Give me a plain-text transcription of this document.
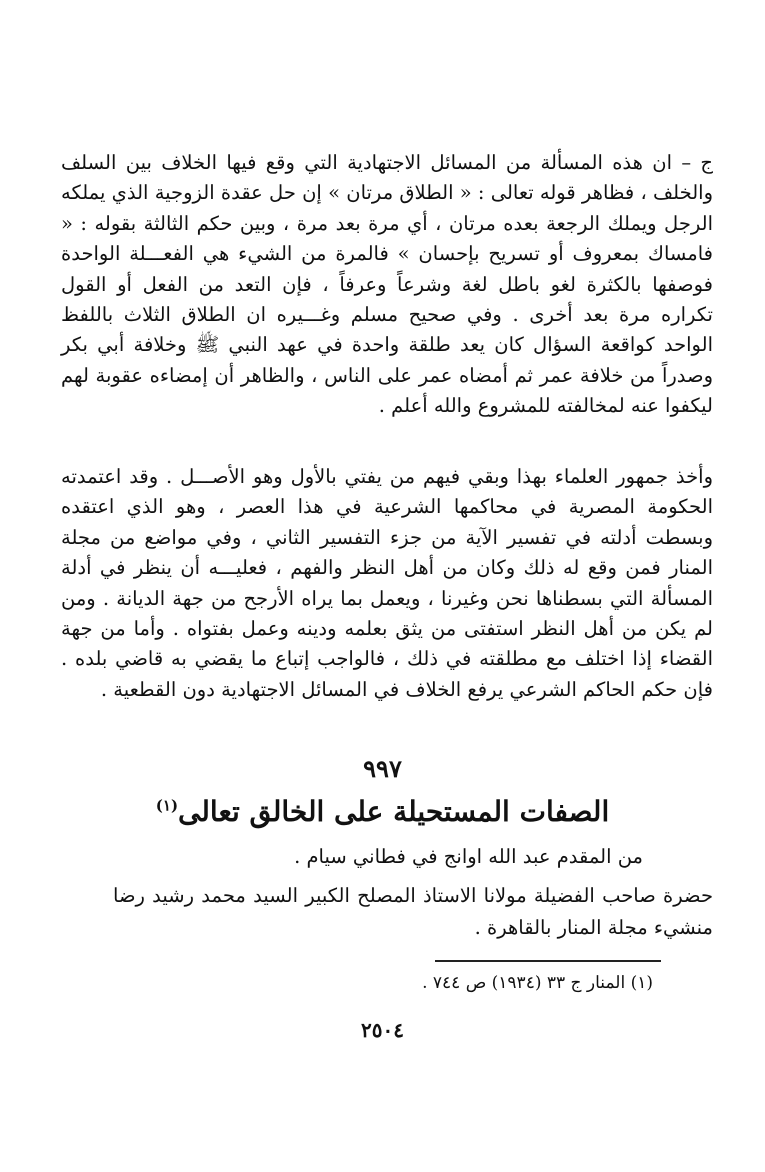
ج – ان هذه المسألة من المسائل الاجتهادية التي وقع فيها الخلاف بين السلف والخلف ، فظاهر قوله تعالى : « الطلاق مرتان » إن حل عقدة الزوجية الذي يملكه الرجل ويملك الرجعة بعده مرتان ، أي مرة بعد مرة ، وبين حكم الثالثة بقوله : « فامساك بمعروف أو تسريح بإحسان » فالمرة من الشيء هي الفعـــلة الواحدة فوصفها بالكثرة لغو باطل لغة وشرعاً وعرفاً ، فإن التعد من الفعل أو القول تكراره مرة بعد أخرى . وفي صحيح مسلم وغـــيره ان الطلاق الثلاث باللفظ الواحد كواقعة السؤال كان يعد طلقة واحدة في عهد النبي ﷺ وخلافة أبي بكر وصدراً من خلافة عمر ثم أمضاه عمر على الناس ، والظاهر أن إمضاءه عقوبة لهم ليكفوا عنه لمخالفته للمشروع والله أعلم .

وأخذ جمهور العلماء بهذا وبقي فيهم من يفتي بالأول وهو الأصـــل . وقد اعتمدته الحكومة المصرية في محاكمها الشرعية في هذا العصر ، وهو الذي اعتقده وبسطت أدلته في تفسير الآية من جزء التفسير الثاني ، وفي مواضع من مجلة المنار فمن وقع له ذلك وكان من أهل النظر والفهم ، فعليـــه أن ينظر في أدلة المسألة التي بسطناها نحن وغيرنا ، ويعمل بما يراه الأرجح من جهة الديانة . ومن لم يكن من أهل النظر استفتى من يثق بعلمه ودينه وعمل بفتواه . وأما من جهة القضاء إذا اختلف مع مطلقته في ذلك ، فالواجب إتباع ما يقضي به قاضي بلده . فإن حكم الحاكم الشرعي يرفع الخلاف في المسائل الاجتهادية دون القطعية .

٩٩٧
الصفات المستحيلة على الخالق تعالى$^{(١)}$

من المقدم عبد الله اوانج في فطاني سيام .

حضرة صاحب الفضيلة مولانا الاستاذ المصلح الكبير السيد محمد رشيد رضا منشيء مجلة المنار بالقاهرة .

(١) المنار ج ٣٣ (١٩٣٤) ص ٧٤٤ .

٢٥٠٤
